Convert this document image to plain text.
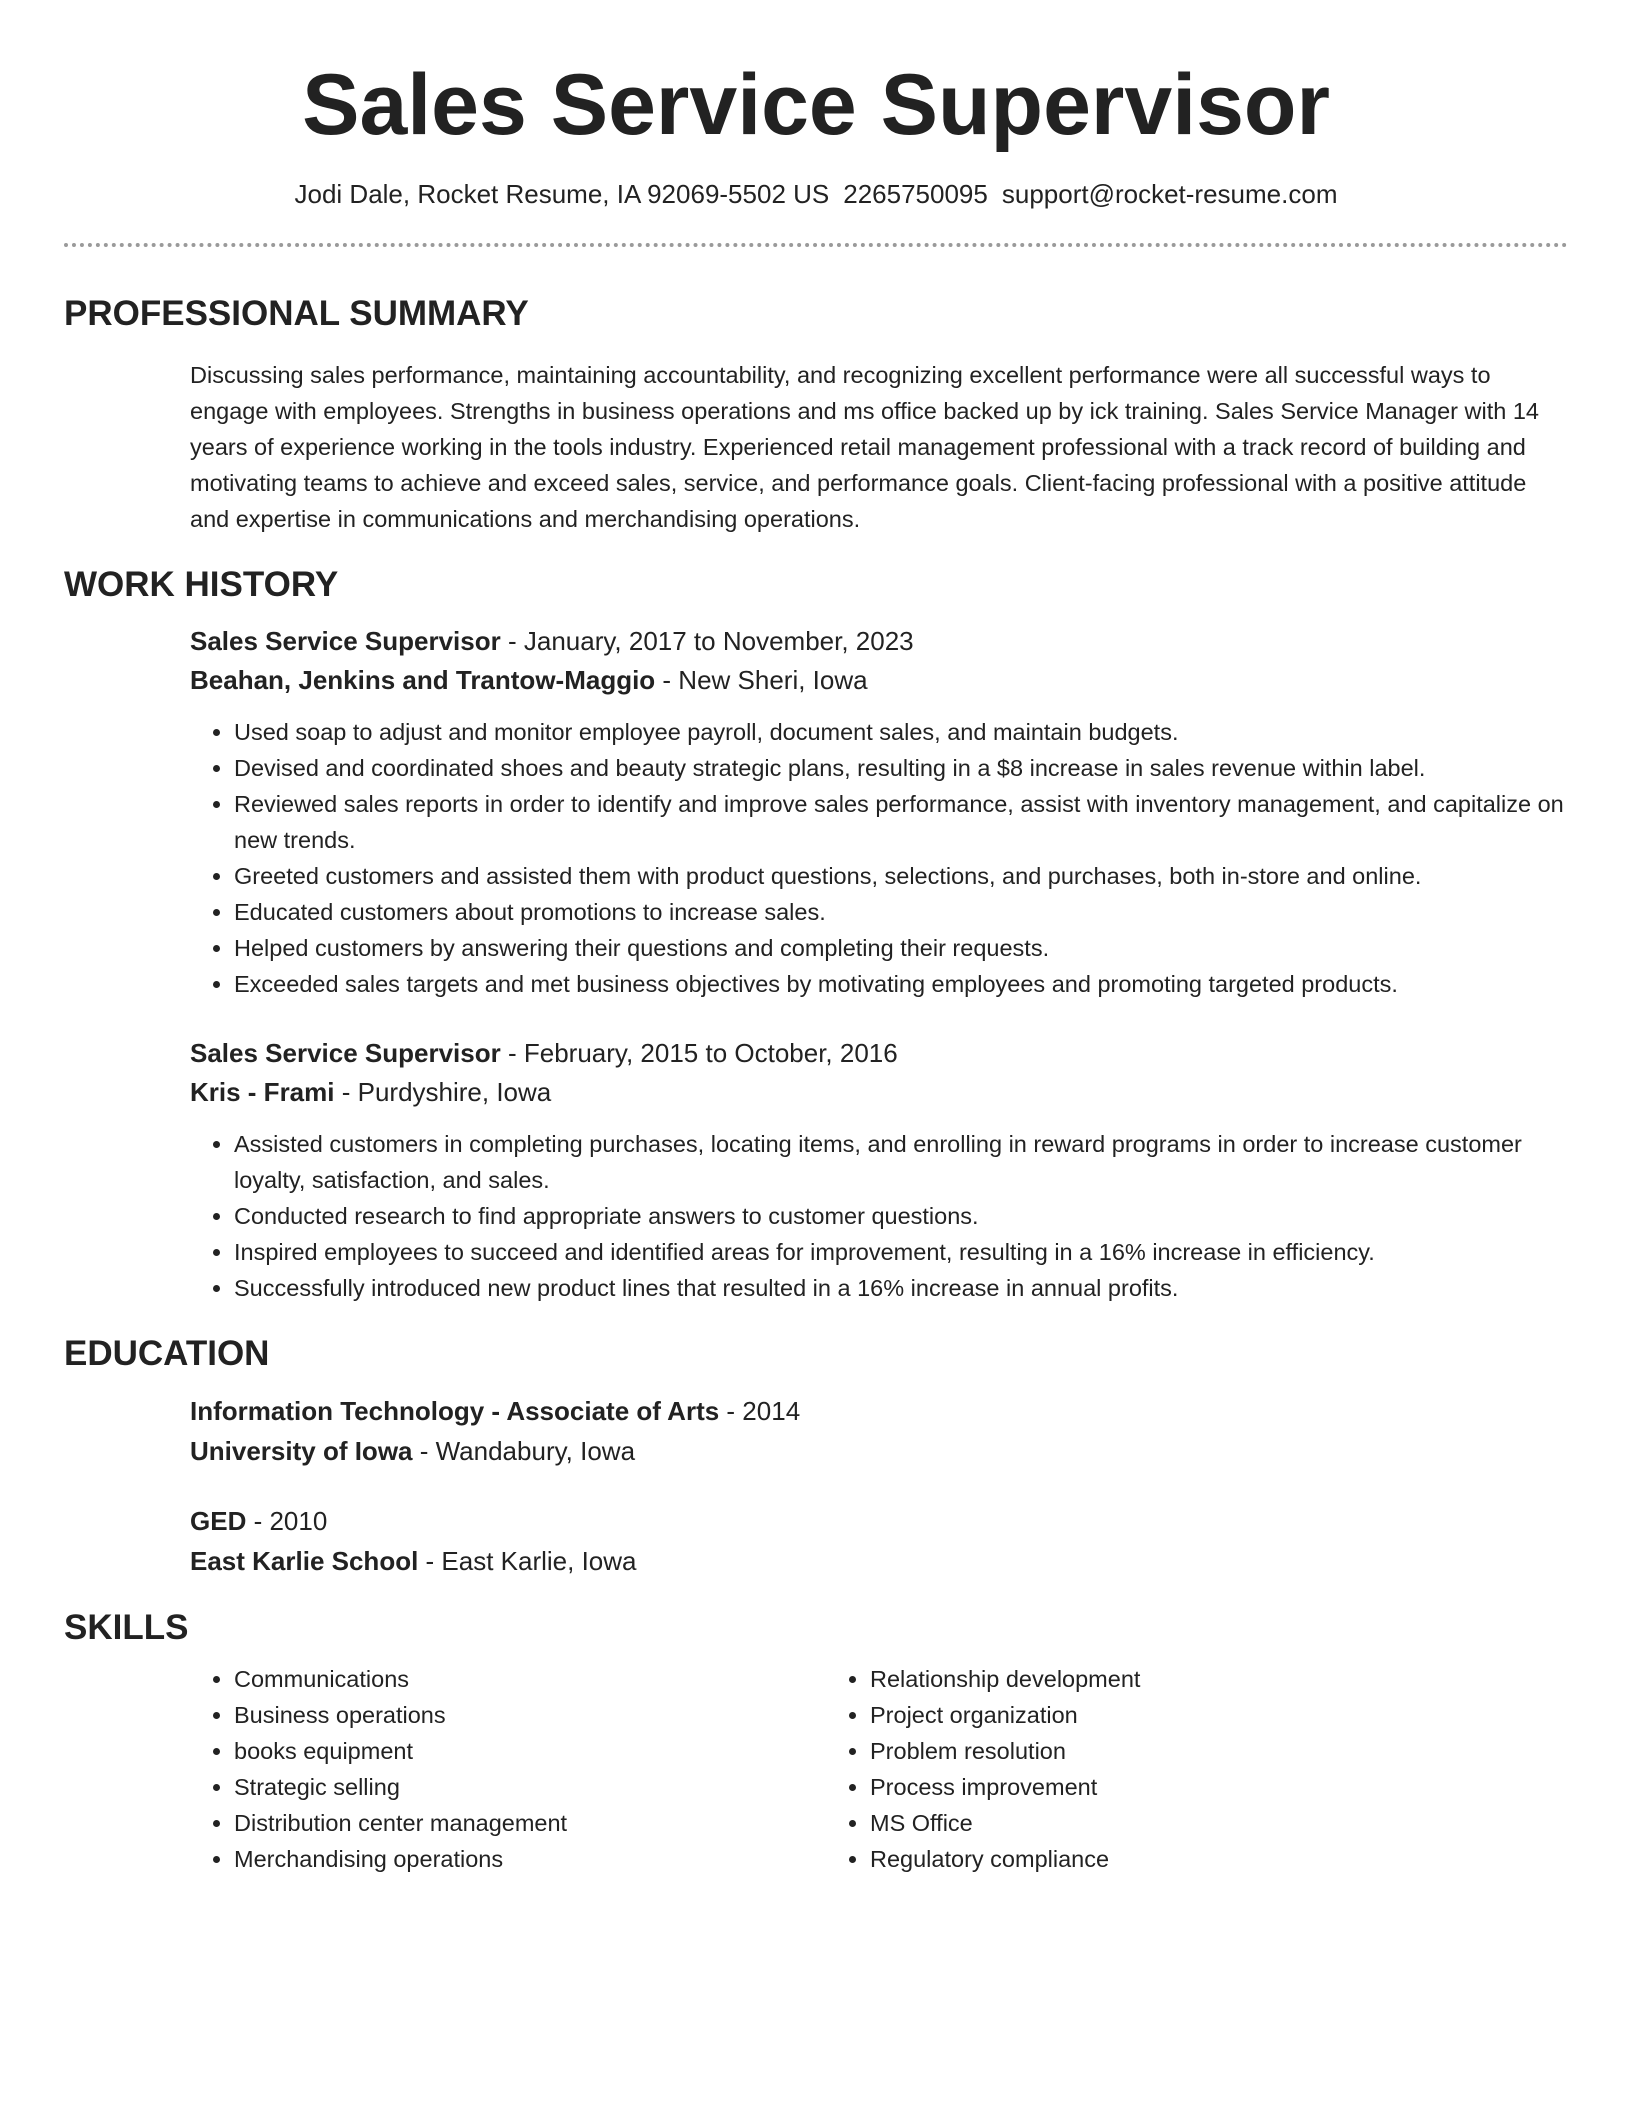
Sales Service Supervisor
Jodi Dale, Rocket Resume, IA 92069-5502 US 2265750095 support@rocket-resume.com
PROFESSIONAL SUMMARY

Discussing sales performance, maintaining accountability, and recognizing excellent performance were all successful ways to engage with employees. Strengths in business operations and ms office backed up by ick training. Sales Service Manager with 14 years of experience working in the tools industry. Experienced retail management professional with a track record of building and motivating teams to achieve and exceed sales, service, and performance goals. Client-facing professional with a positive attitude and expertise in communications and merchandising operations.

WORK HISTORY
Sales Service Supervisor - January, 2017 to November, 2023
Beahan, Jenkins and Trantow-Maggio - New Sheri, Iowa
• Used soap to adjust and monitor employee payroll, document sales, and maintain budgets.
• Devised and coordinated shoes and beauty strategic plans, resulting in a $8 increase in sales revenue within label.
• Reviewed sales reports in order to identify and improve sales performance, assist with inventory management, and capitalize on new trends.
• Greeted customers and assisted them with product questions, selections, and purchases, both in-store and online.
• Educated customers about promotions to increase sales.
• Helped customers by answering their questions and completing their requests.
• Exceeded sales targets and met business objectives by motivating employees and promoting targeted products.
Sales Service Supervisor - February, 2015 to October, 2016
Kris - Frami - Purdyshire, Iowa
• Assisted customers in completing purchases, locating items, and enrolling in reward programs in order to increase customer loyalty, satisfaction, and sales.
• Conducted research to find appropriate answers to customer questions.
• Inspired employees to succeed and identified areas for improvement, resulting in a 16% increase in efficiency.
• Successfully introduced new product lines that resulted in a 16% increase in annual profits.
EDUCATION
Information Technology - Associate of Arts - 2014
University of Iowa - Wandabury, Iowa
GED - 2010
East Karlie School - East Karlie, Iowa
SKILLS
• Communications
• Business operations
• books equipment
• Strategic selling
• Distribution center management
• Merchandising operations
• Relationship development
• Project organization
• Problem resolution
• Process improvement
• MS Office
• Regulatory compliance
